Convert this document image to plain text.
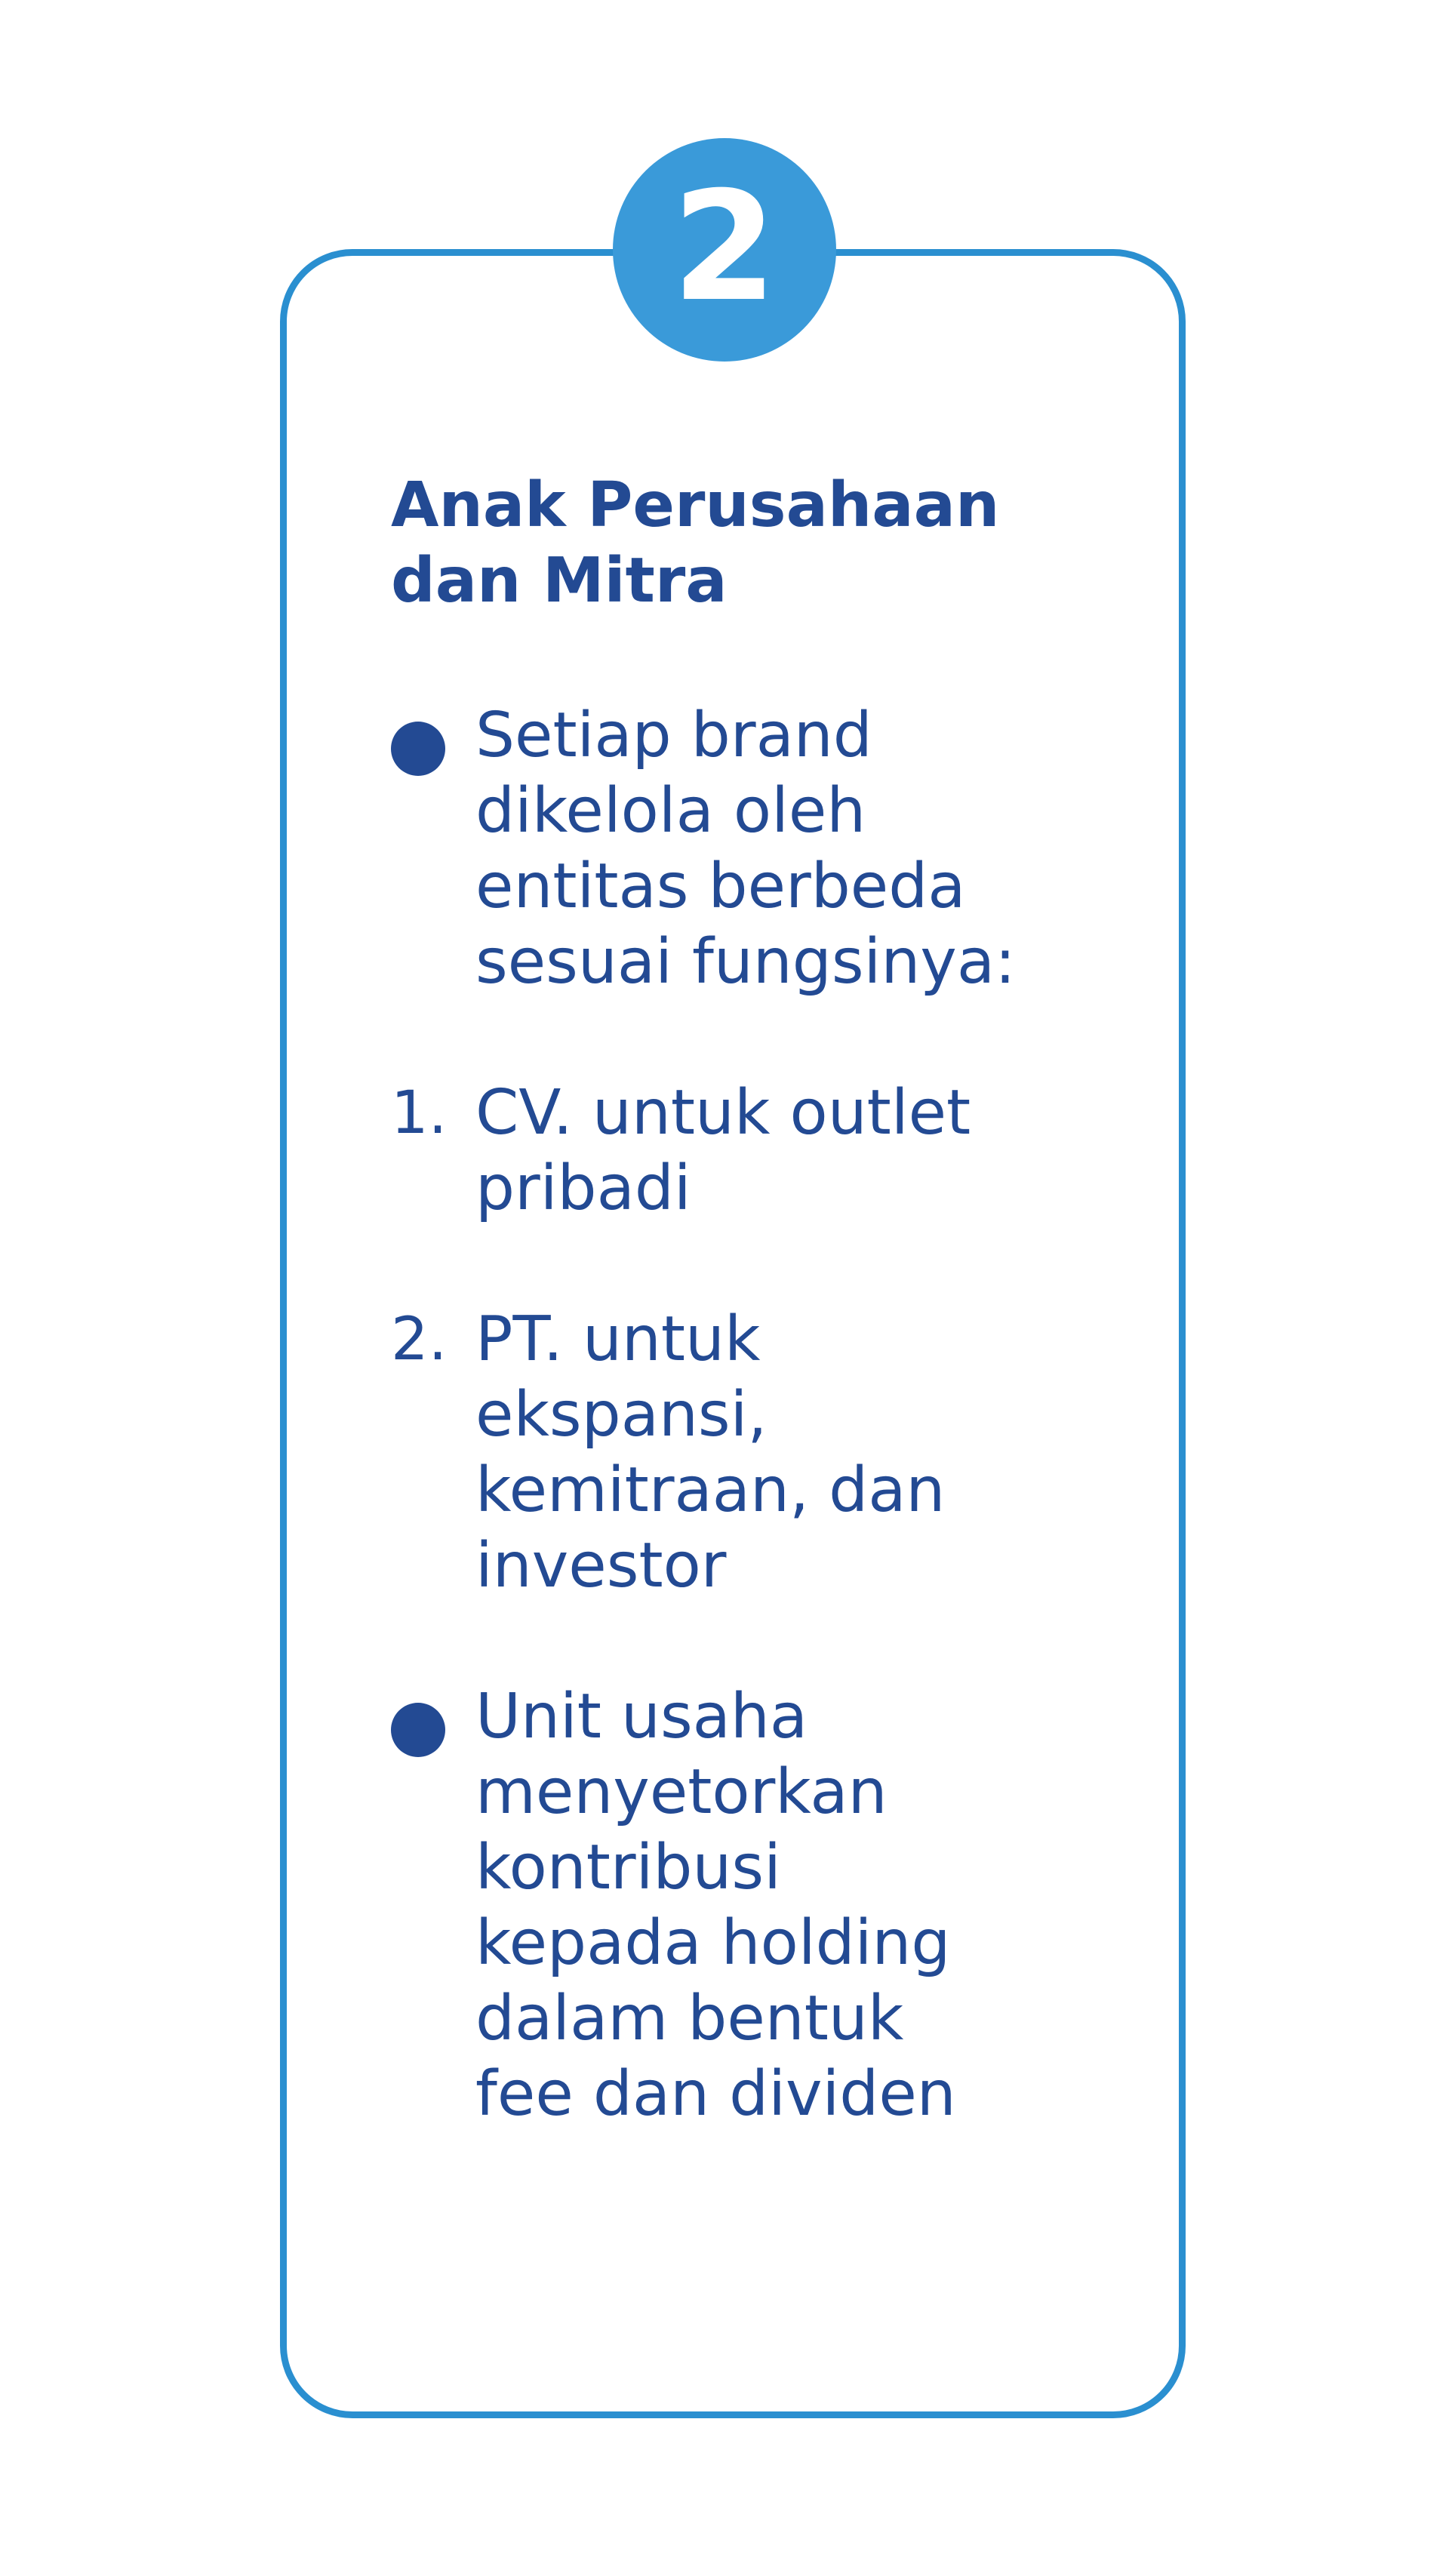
2
Anak Perusahaan
dan Mitra
Setiap brand
dikelola oleh
entitas berbeda
sesuai fungsinya:
1. CV. untuk outlet
pribadi
2. PT. untuk
ekspansi,
kemitraan, dan
investor
Unit usaha
menyetorkan
kontribusi
kepada holding
dalam bentuk
fee dan dividen
